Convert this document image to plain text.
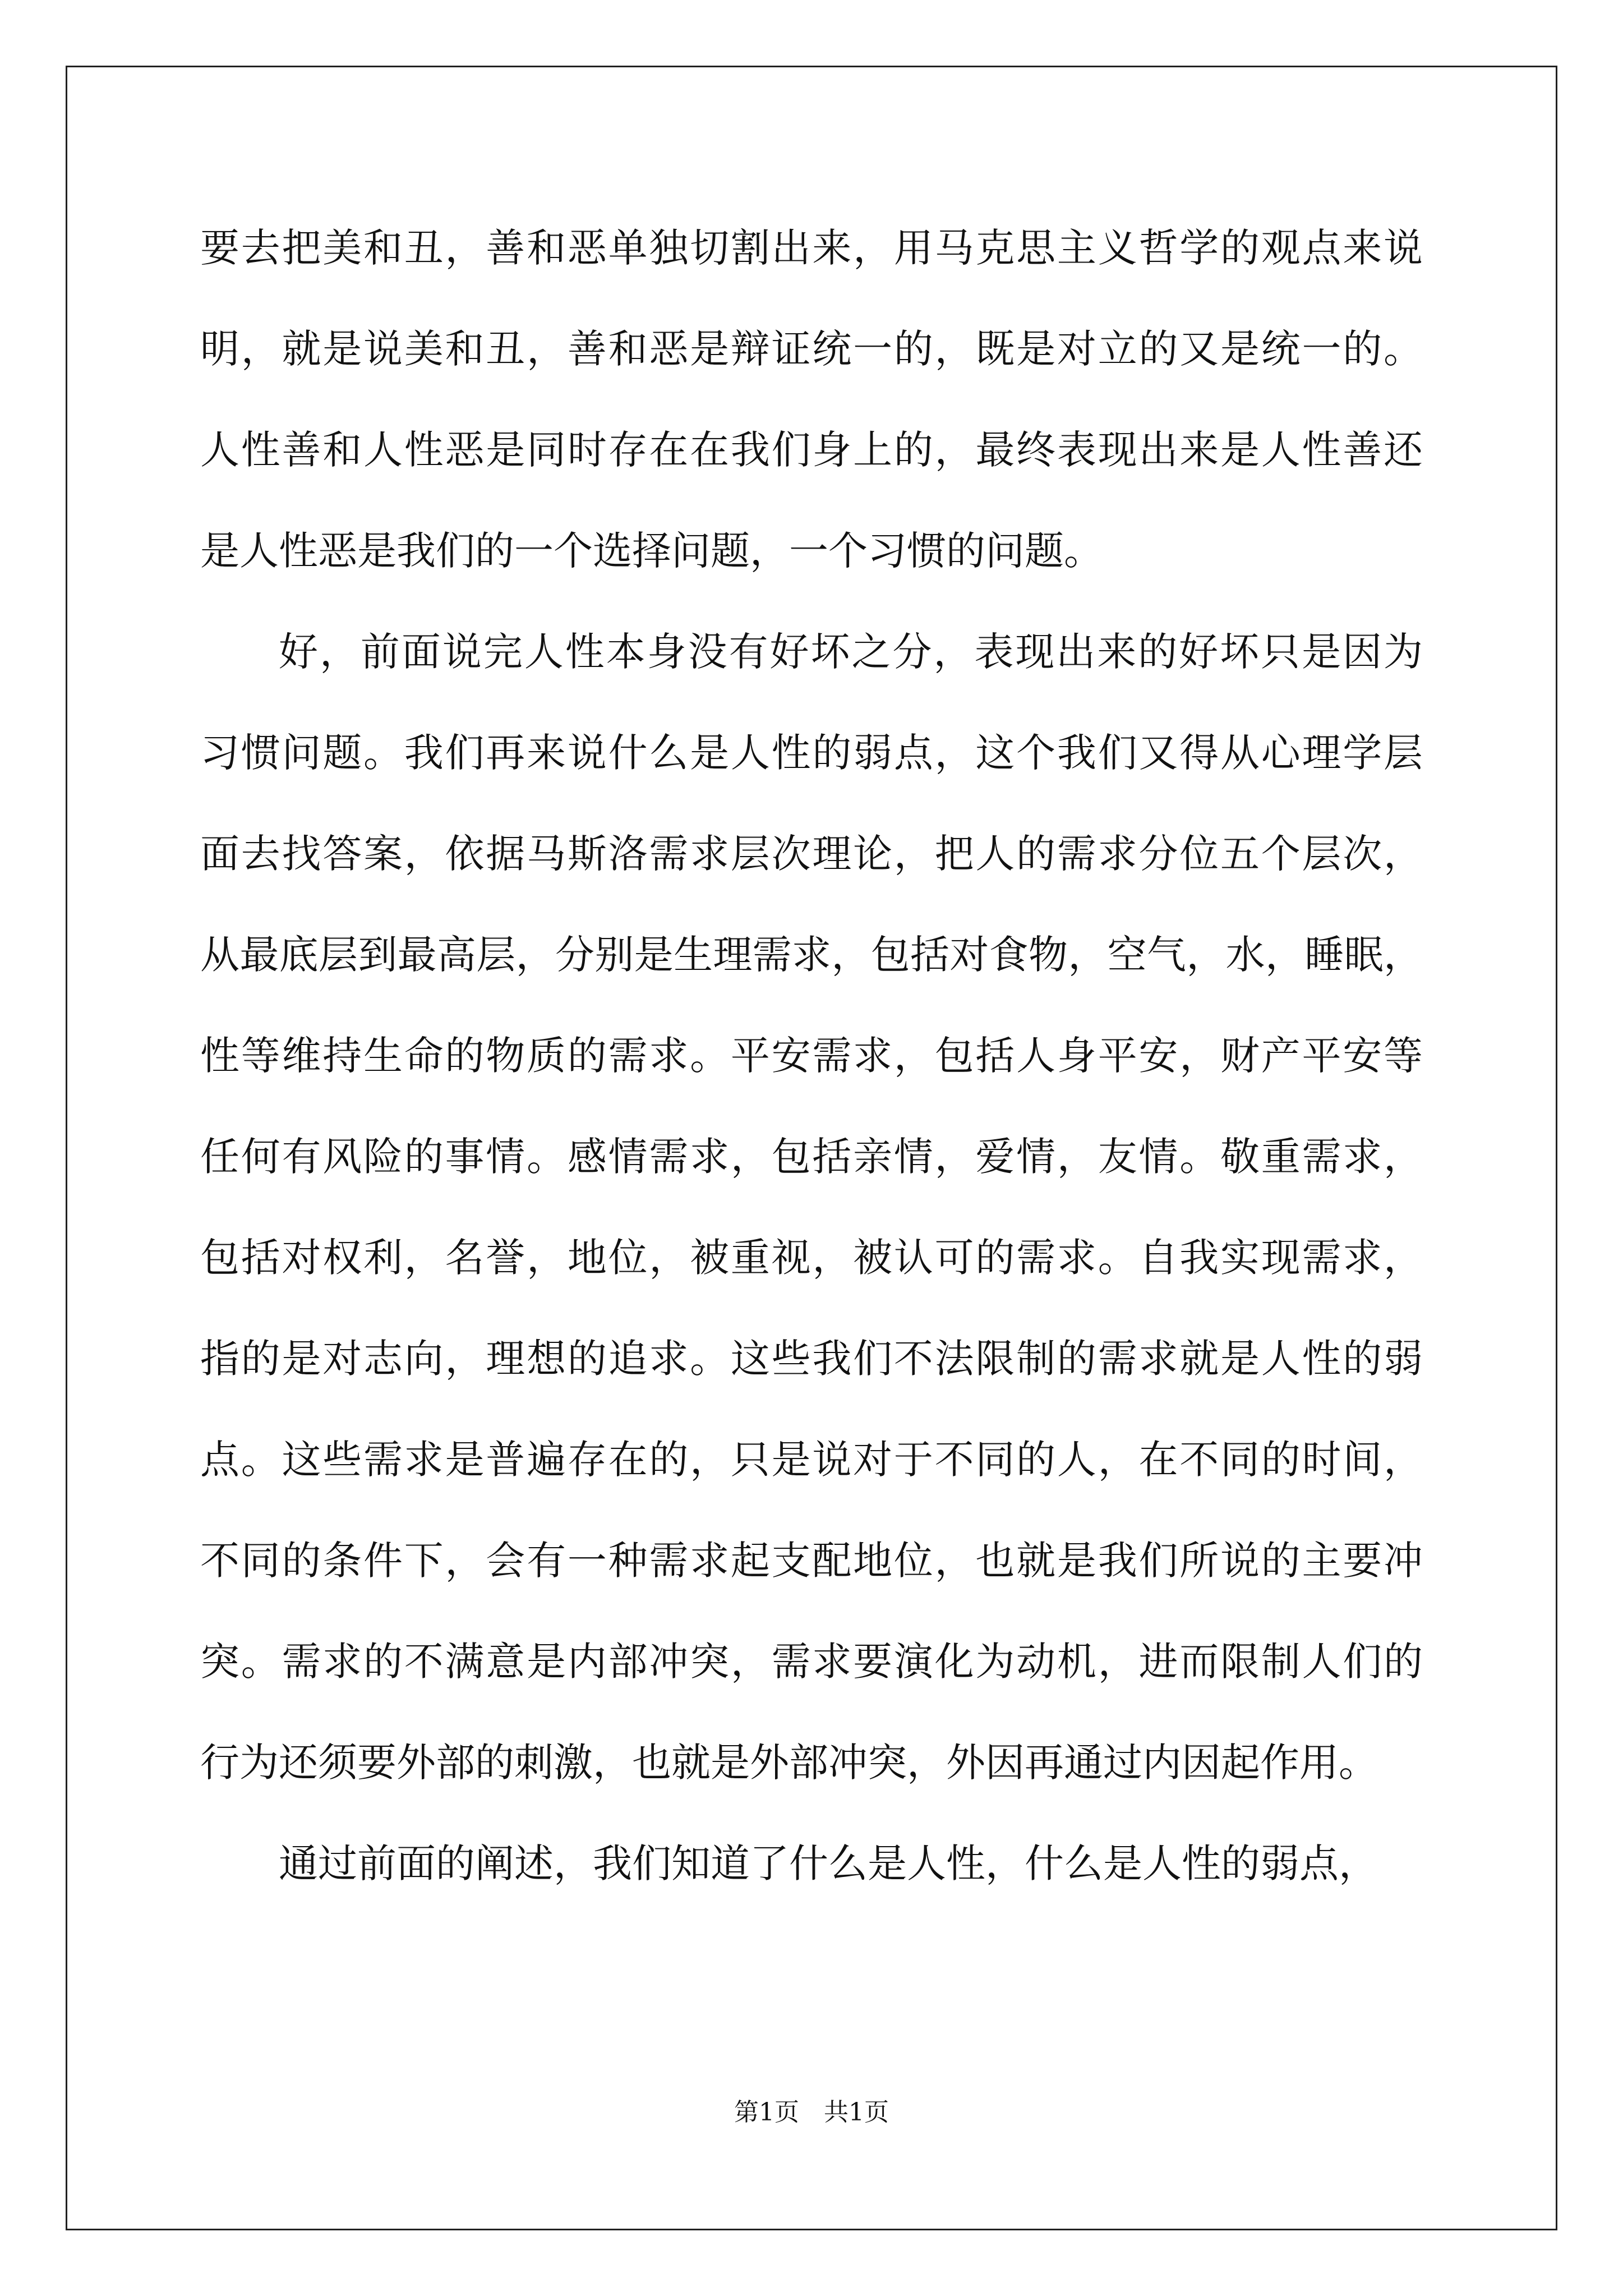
要去把美和丑，善和恶单独切割出来，用马克思主义哲学的观点来说
明，就是说美和丑，善和恶是辩证统一的，既是对立的又是统一的。
人性善和人性恶是同时存在在我们身上的，最终表现出来是人性善还
是人性恶是我们的一个选择问题，一个习惯的问题。
好，前面说完人性本身没有好坏之分，表现出来的好坏只是因为
习惯问题。我们再来说什么是人性的弱点，这个我们又得从心理学层
面去找答案，依据马斯洛需求层次理论，把人的需求分位五个层次，
从最底层到最高层，分别是生理需求，包括对食物，空气，水，睡眠，
性等维持生命的物质的需求。平安需求，包括人身平安，财产平安等
任何有风险的事情。感情需求，包括亲情，爱情，友情。敬重需求，
包括对权利，名誉，地位，被重视，被认可的需求。自我实现需求，
指的是对志向，理想的追求。这些我们不法限制的需求就是人性的弱
点。这些需求是普遍存在的，只是说对于不同的人，在不同的时间，
不同的条件下，会有一种需求起支配地位，也就是我们所说的主要冲
突。需求的不满意是内部冲突，需求要演化为动机，进而限制人们的
行为还须要外部的刺激，也就是外部冲突，外因再通过内因起作用。
通过前面的阐述，我们知道了什么是人性，什么是人性的弱点，
第1页　共1页
